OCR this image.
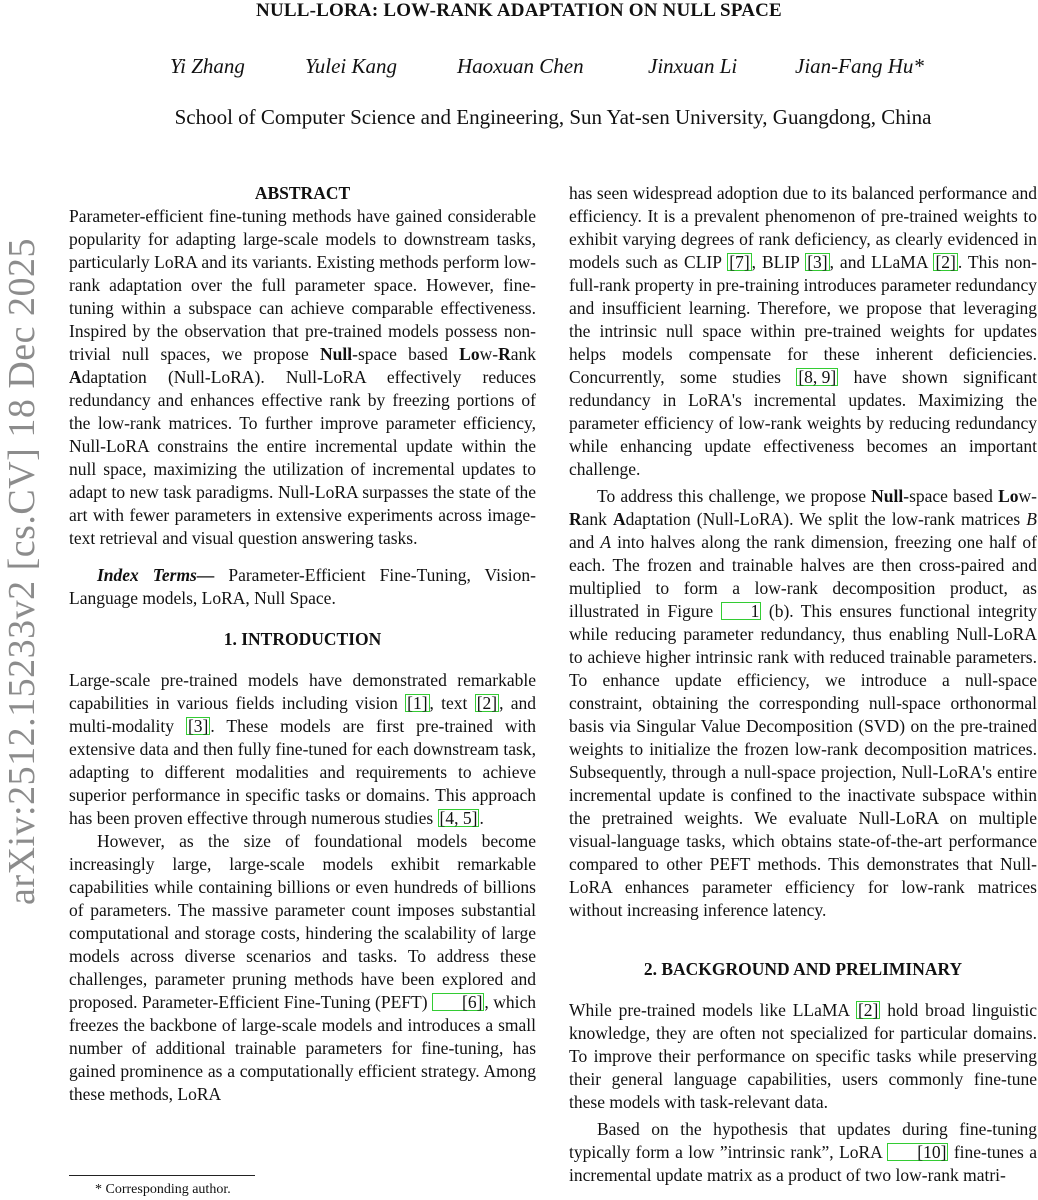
NULL-LORA: LOW-RANK ADAPTATION ON NULL SPACE
Yi Zhang	Yulei Kang	Haoxuan Chen	Jinxuan Li	Jian-Fang Hu*
School of Computer Science and Engineering, Sun Yat-sen University, Guangdong, China
arXiv:2512.15233v2 [cs.CV] 18 Dec 2025
ABSTRACT

Parameter-efficient fine-tuning methods have gained considerable popularity for adapting large-scale models to downstream tasks, particularly LoRA and its variants. Existing methods perform low-rank adaptation over the full parameter space. However, fine-tuning within a subspace can achieve comparable effectiveness. Inspired by the observation that pre-trained models possess non-trivial null spaces, we propose Null-space based Low-Rank Adaptation (Null-LoRA). Null-LoRA effectively reduces redundancy and enhances effective rank by freezing portions of the low-rank matrices. To further improve parameter efficiency, Null-LoRA constrains the entire incremental update within the null space, maximizing the utilization of incremental updates to adapt to new task paradigms. Null-LoRA surpasses the state of the art with fewer parameters in extensive experiments across image-text retrieval and visual question answering tasks.

Index Terms— Parameter-Efficient Fine-Tuning, Vision-Language models, LoRA, Null Space.

1. INTRODUCTION

Large-scale pre-trained models have demonstrated remarkable capabilities in various fields including vision [1] , text [2] , and multi-modality [3] . These models are first pre-trained with extensive data and then fully fine-tuned for each downstream task, adapting to different modalities and requirements to achieve superior performance in specific tasks or domains. This approach has been proven effective through numerous studies [4, 5] .

However, as the size of foundational models become increasingly large, large-scale models exhibit remarkable capabilities while containing billions or even hundreds of billions of parameters. The massive parameter count imposes substantial computational and storage costs, hindering the scalability of large models across diverse scenarios and tasks. To address these challenges, parameter pruning methods have been explored and proposed. Parameter-Efficient Fine-Tuning (PEFT) [6] , which freezes the backbone of large-scale models and introduces a small number of additional trainable parameters for fine-tuning, has gained prominence as a computationally efficient strategy. Among these methods, LoRA

has seen widespread adoption due to its balanced performance and efficiency. It is a prevalent phenomenon of pre-trained weights to exhibit varying degrees of rank deficiency, as clearly evidenced in models such as CLIP [7] , BLIP [3] , and LLaMA [2] . This non-full-rank property in pre-training introduces parameter redundancy and insufficient learning. Therefore, we propose that leveraging the intrinsic null space within pre-trained weights for updates helps models compensate for these inherent deficiencies. Concurrently, some studies [8, 9] have shown significant redundancy in LoRA's incremental updates. Maximizing the parameter efficiency of low-rank weights by reducing redundancy while enhancing update effectiveness becomes an important challenge.

To address this challenge, we propose Null-space based Low-Rank Adaptation (Null-LoRA). We split the low-rank matrices B and A into halves along the rank dimension, freezing one half of each. The frozen and trainable halves are then cross-paired and multiplied to form a low-rank decomposition product, as illustrated in Figure 1 (b). This ensures functional integrity while reducing parameter redundancy, thus enabling Null-LoRA to achieve higher intrinsic rank with reduced trainable parameters. To enhance update efficiency, we introduce a null-space constraint, obtaining the corresponding null-space orthonormal basis via Singular Value Decomposition (SVD) on the pre-trained weights to initialize the frozen low-rank decomposition matrices. Subsequently, through a null-space projection, Null-LoRA's entire incremental update is confined to the inactivate subspace within the pretrained weights. We evaluate Null-LoRA on multiple visual-language tasks, which obtains state-of-the-art performance compared to other PEFT methods. This demonstrates that Null-LoRA enhances parameter efficiency for low-rank matrices without increasing inference latency.

2. BACKGROUND AND PRELIMINARY

While pre-trained models like LLaMA [2] hold broad linguistic knowledge, they are often not specialized for particular domains. To improve their performance on specific tasks while preserving their general language capabilities, users commonly fine-tune these models with task-relevant data.

Based on the hypothesis that updates during fine-tuning typically form a low ”intrinsic rank”, LoRA [10] fine-tunes a incremental update matrix as a product of two low-rank matri-

* Corresponding author.
